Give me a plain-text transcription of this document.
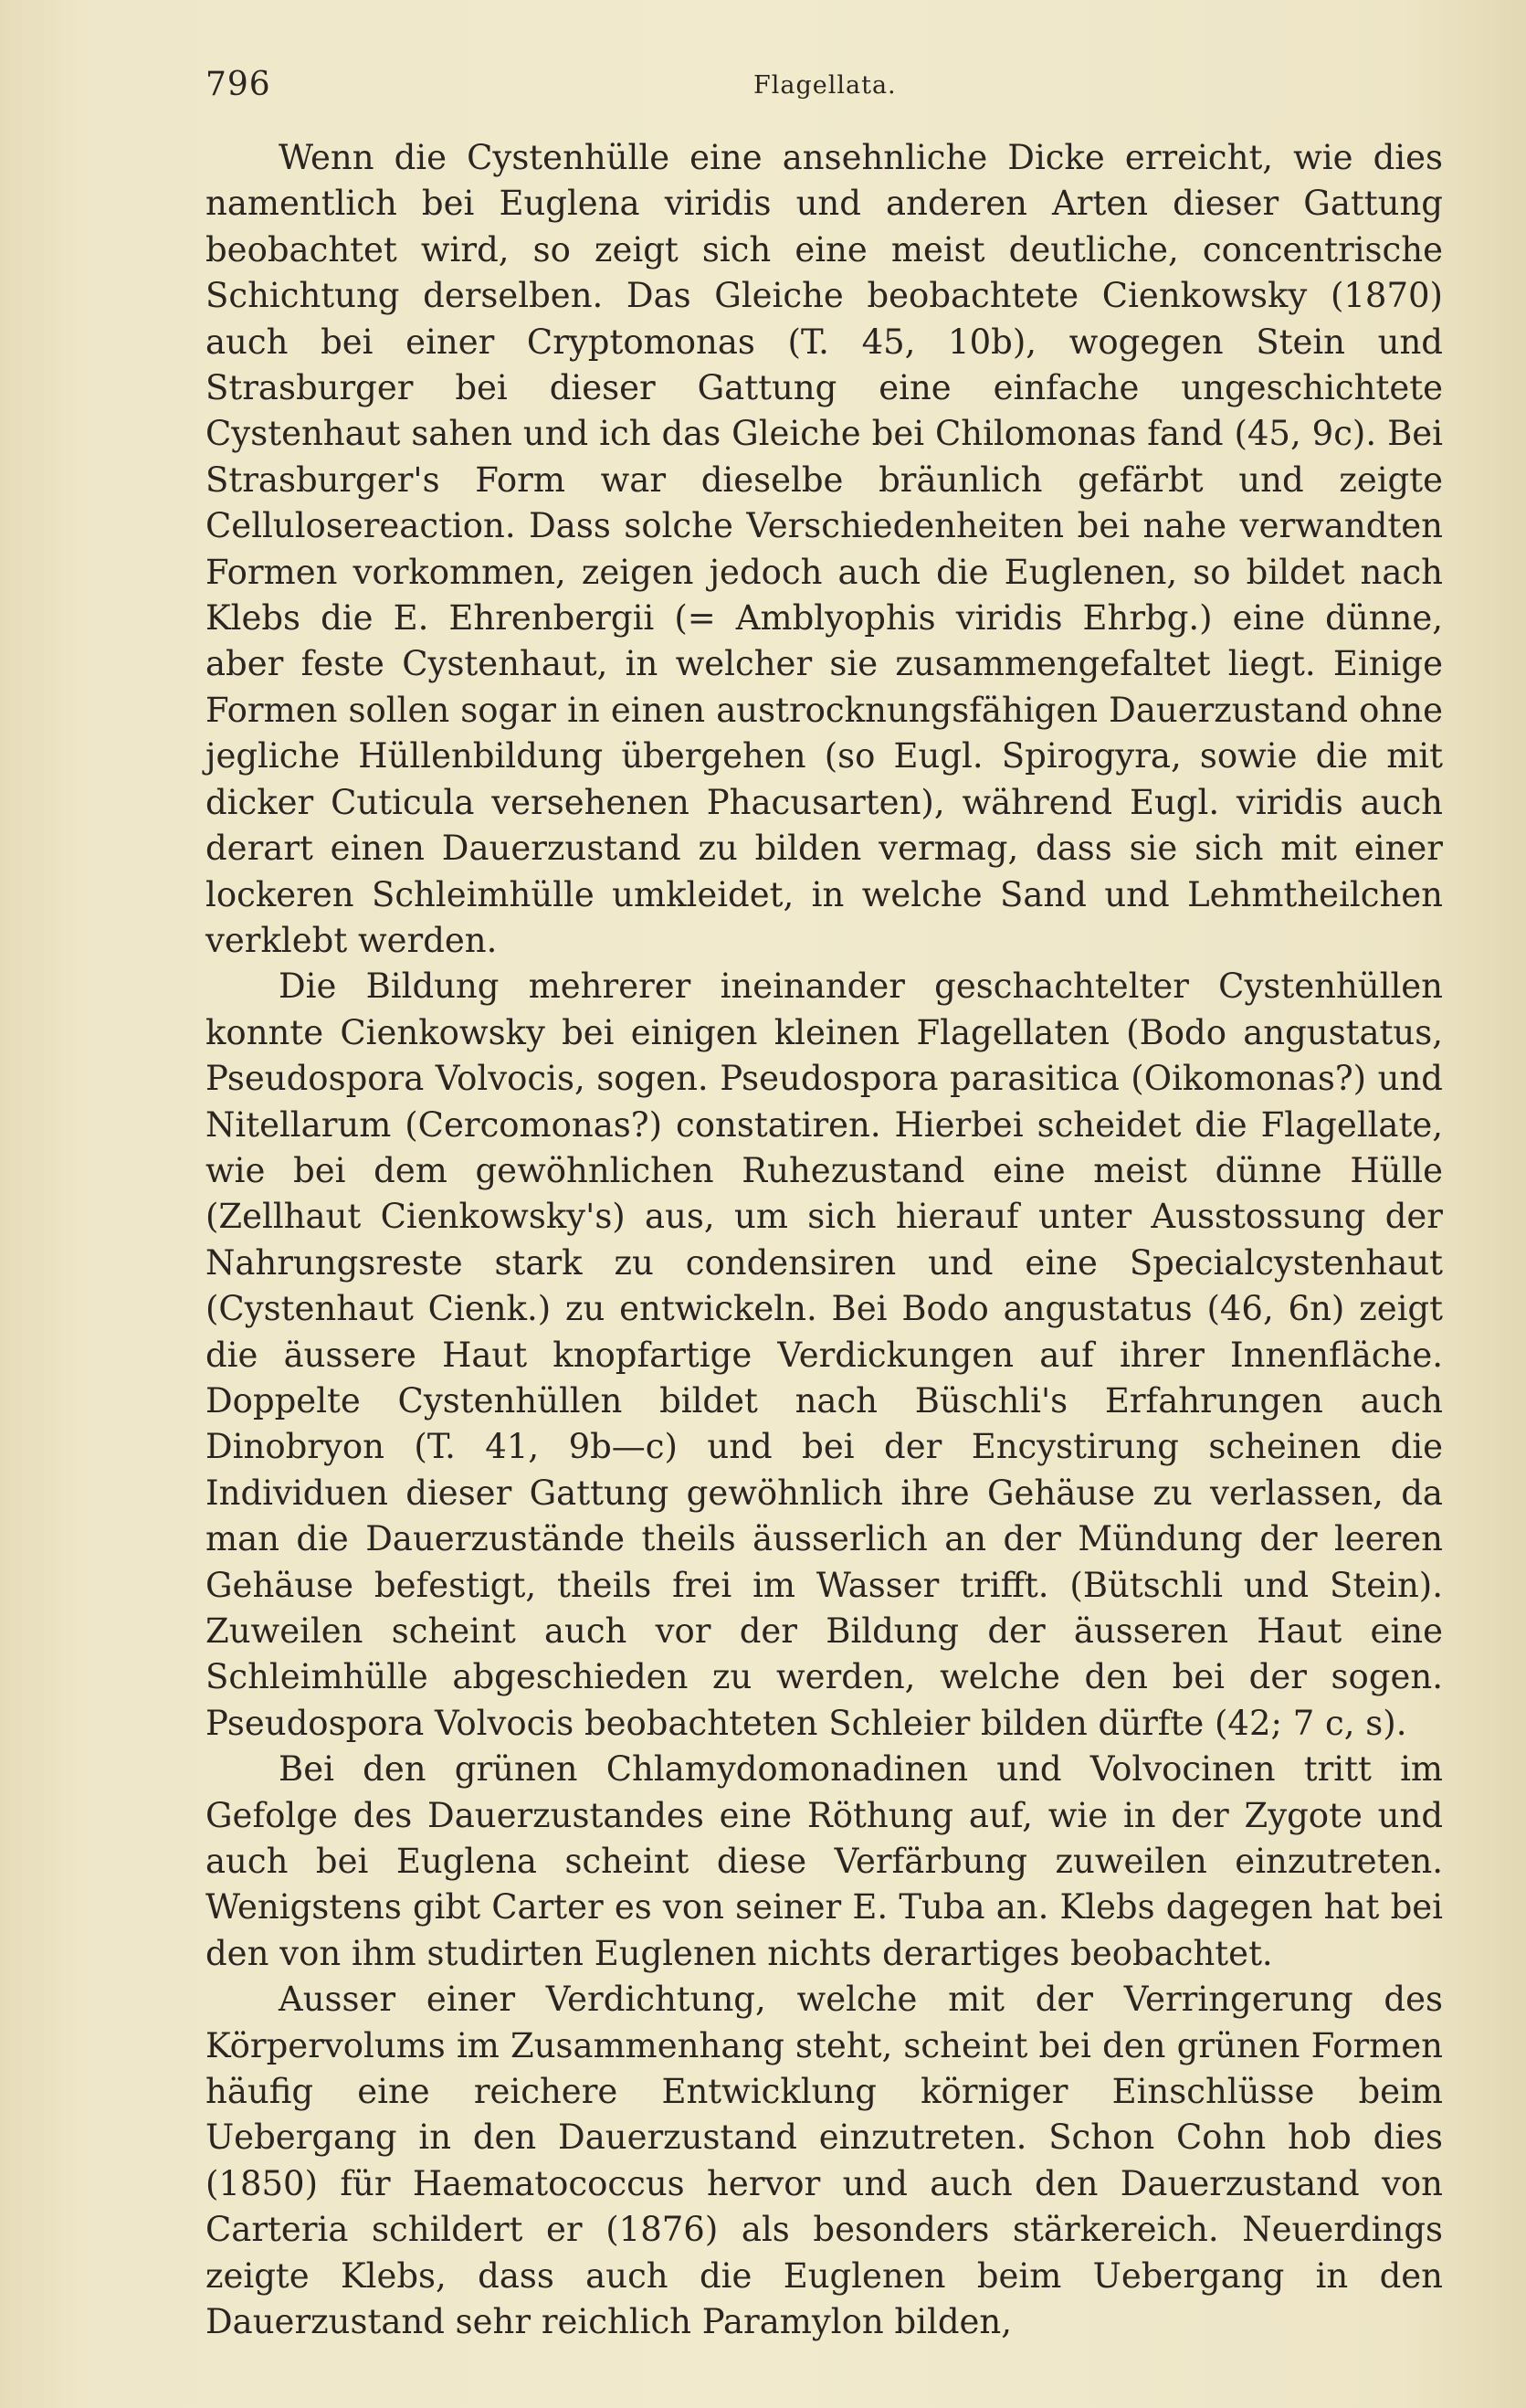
796	Flagellata.

Wenn die Cystenhülle eine ansehnliche Dicke erreicht, wie dies namentlich bei Euglena viridis und anderen Arten dieser Gattung beobachtet wird, so zeigt sich eine meist deutliche, concentrische Schichtung derselben. Das Gleiche beobachtete Cienkowsky (1870) auch bei einer Cryptomonas (T. 45, 10b), wogegen Stein und Strasburger bei dieser Gattung eine einfache ungeschichtete Cystenhaut sahen und ich das Gleiche bei Chilomonas fand (45, 9c). Bei Strasburger's Form war dieselbe bräunlich gefärbt und zeigte Cellulosereaction. Dass solche Verschiedenheiten bei nahe verwandten Formen vorkommen, zeigen jedoch auch die Euglenen, so bildet nach Klebs die E. Ehrenbergii (= Amblyophis viridis Ehrbg.) eine dünne, aber feste Cystenhaut, in welcher sie zusammengefaltet liegt. Einige Formen sollen sogar in einen austrocknungsfähigen Dauerzustand ohne jegliche Hüllenbildung übergehen (so Eugl. Spirogyra, sowie die mit dicker Cuticula versehenen Phacusarten), während Eugl. viridis auch derart einen Dauerzustand zu bilden vermag, dass sie sich mit einer lockeren Schleimhülle umkleidet, in welche Sand und Lehmtheilchen verklebt werden.

Die Bildung mehrerer ineinander geschachtelter Cystenhüllen konnte Cienkowsky bei einigen kleinen Flagellaten (Bodo angustatus, Pseudospora Volvocis, sogen. Pseudospora parasitica (Oikomonas?) und Nitellarum (Cercomonas?) constatiren. Hierbei scheidet die Flagellate, wie bei dem gewöhnlichen Ruhezustand eine meist dünne Hülle (Zellhaut Cienkowsky's) aus, um sich hierauf unter Ausstossung der Nahrungsreste stark zu condensiren und eine Specialcystenhaut (Cystenhaut Cienk.) zu entwickeln. Bei Bodo angustatus (46, 6n) zeigt die äussere Haut knopfartige Verdickungen auf ihrer Innenfläche. Doppelte Cystenhüllen bildet nach Büschli's Erfahrungen auch Dinobryon (T. 41, 9b—c) und bei der Encystirung scheinen die Individuen dieser Gattung gewöhnlich ihre Gehäuse zu verlassen, da man die Dauerzustände theils äusserlich an der Mündung der leeren Gehäuse befestigt, theils frei im Wasser trifft. (Bütschli und Stein). Zuweilen scheint auch vor der Bildung der äusseren Haut eine Schleimhülle abgeschieden zu werden, welche den bei der sogen. Pseudospora Volvocis beobachteten Schleier bilden dürfte (42; 7 c, s).

Bei den grünen Chlamydomonadinen und Volvocinen tritt im Gefolge des Dauerzustandes eine Röthung auf, wie in der Zygote und auch bei Euglena scheint diese Verfärbung zuweilen einzutreten. Wenigstens gibt Carter es von seiner E. Tuba an. Klebs dagegen hat bei den von ihm studirten Euglenen nichts derartiges beobachtet.

Ausser einer Verdichtung, welche mit der Verringerung des Körpervolums im Zusammenhang steht, scheint bei den grünen Formen häufig eine reichere Entwicklung körniger Einschlüsse beim Uebergang in den Dauerzustand einzutreten. Schon Cohn hob dies (1850) für Haematococcus hervor und auch den Dauerzustand von Carteria schildert er (1876) als besonders stärkereich. Neuerdings zeigte Klebs, dass auch die Euglenen beim Uebergang in den Dauerzustand sehr reichlich Paramylon bilden,
